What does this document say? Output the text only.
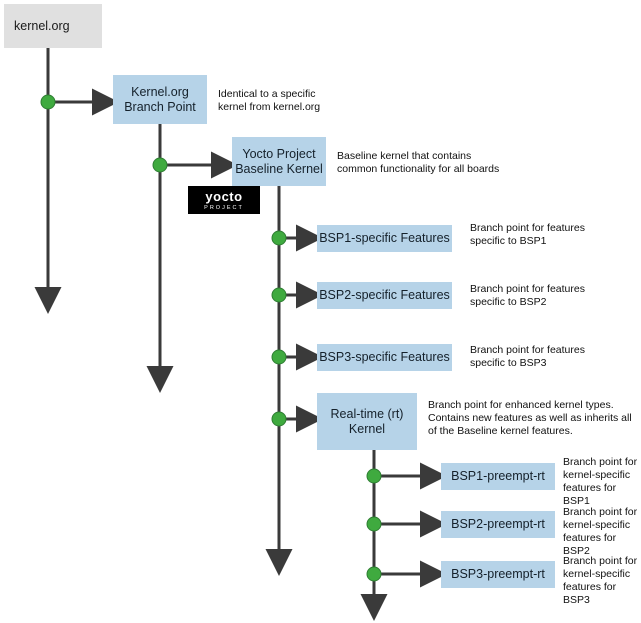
kernel.org
Kernel.org
Branch Point
Yocto Project
Baseline Kernel
yocto
PROJECT
BSP1-specific Features
BSP2-specific Features
BSP3-specific Features
Real-time (rt)
Kernel
BSP1-preempt-rt
BSP2-preempt-rt
BSP3-preempt-rt
Identical to a specific
kernel from kernel.org
Baseline kernel that contains
common functionality for all boards
Branch point for features
specific to BSP1
Branch point for features
specific to BSP2
Branch point for features
specific to BSP3
Branch point for enhanced kernel types.
Contains new features as well as inherits all
of the Baseline kernel features.
Branch point for
kernel-specific
features for BSP1
Branch point for
kernel-specific
features for BSP2
Branch point for
kernel-specific
features for BSP3
